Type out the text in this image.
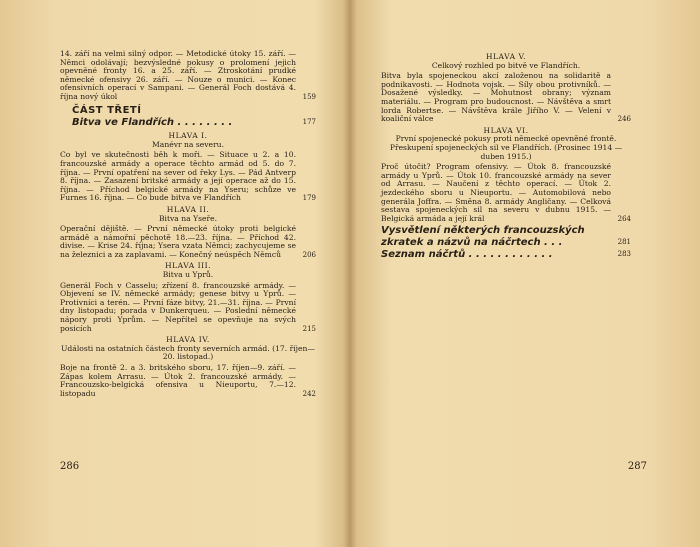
14. září na velmi silný odpor. — Metodické útoky 15. září. — Němci odolávají; bezvýsledné pokusy o prolomení jejich opevněné fronty 16. a 25. září. — Ztroskotání prudké německé ofensivy 26. září. — Nouze o munici. — Konec ofensivních operací v Sampani. — Generál Foch dostává 4. října nový úkol	159
ČÁST TŘETÍ
Bitva ve Flandřích . . . . . . . .	177
HLAVA I.
Manévr na severu.
Co byl ve skutečnosti běh k moři. — Situace u 2. a 10. francouzské armády a operace těchto armád od 5. do 7. října. — První opatření na sever od řeky Lys. — Pád Antverp 8. října. — Zasazení britské armády a její operace až do 15. října. — Příchod belgické armády na Yseru; schůze ve Furnes 16. října. — Co bude bitva ve Flandřích	179
HLAVA II.
Bitva na Yseře.
Operační dějiště. — První německé útoky proti belgické armádě a námořní pěchotě 18.—23. října. — Příchod 42. divise. — Krise 24. října; Ysera vzata Němci; zachycujeme se na železnici a za zaplavami. — Konečný neúspěch Němců	206
HLAVA III.
Bitva u Yprů.
Generál Foch v Casselu; zřízení 8. francouzské armády. — Objevení se IV. německé armády; genese bitvy u Yprů. — Protivníci a terén. — První fáze bitvy, 21.—31. října. — První dny listopadu; porada v Dunkerqueu. — Poslední německé nápory proti Yprům. — Nepřítel se opevňuje na svých posicích	215
HLAVA IV.
Události na ostatních částech fronty severních armád. (17. říjen—20. listopad.)
Boje na frontě 2. a 3. britského sboru, 17. říjen—9. září. — Zápas kolem Arrasu. — Útok 2. francouzské armády. — Francouzsko-belgická ofensiva u Nieuportu, 7.—12. listopadu	242
286
HLAVA V.
Celkový rozhled po bitvě ve Flandřích.
Bitva byla spojeneckou akcí založenou na solidaritě a podnikavosti. — Hodnota vojsk. — Síly obou protivníků. — Dosažené výsledky. — Mohutnost obrany; význam materiálu. — Program pro budoucnost. — Návštěva a smrt lorda Robertse. — Návštěva krále Jiřího V. — Velení v koaliční válce	246
HLAVA VI.
První spojenecké pokusy proti německé opevněné frontě. Přeskupení spojeneckých sil ve Flandřích. (Prosinec 1914 — duben 1915.)
Proč útočit? Program ofensivy. — Útok 8. francouzské armády u Yprů. — Útok 10. francouzské armády na sever od Arrasu. — Naučení z těchto operací. — Útok 2. jezdeckého sboru u Nieuportu. — Automobilová nebo generála Joffra. — Směna 8. armády Angličany. — Celková sestava spojeneckých sil na severu v dubnu 1915. — Belgická armáda a její král	264
Vysvětlení některých francouzských zkratek a názvů na náčrtech . . .	281
Seznam náčrtů . . . . . . . . . . . .	283
287
